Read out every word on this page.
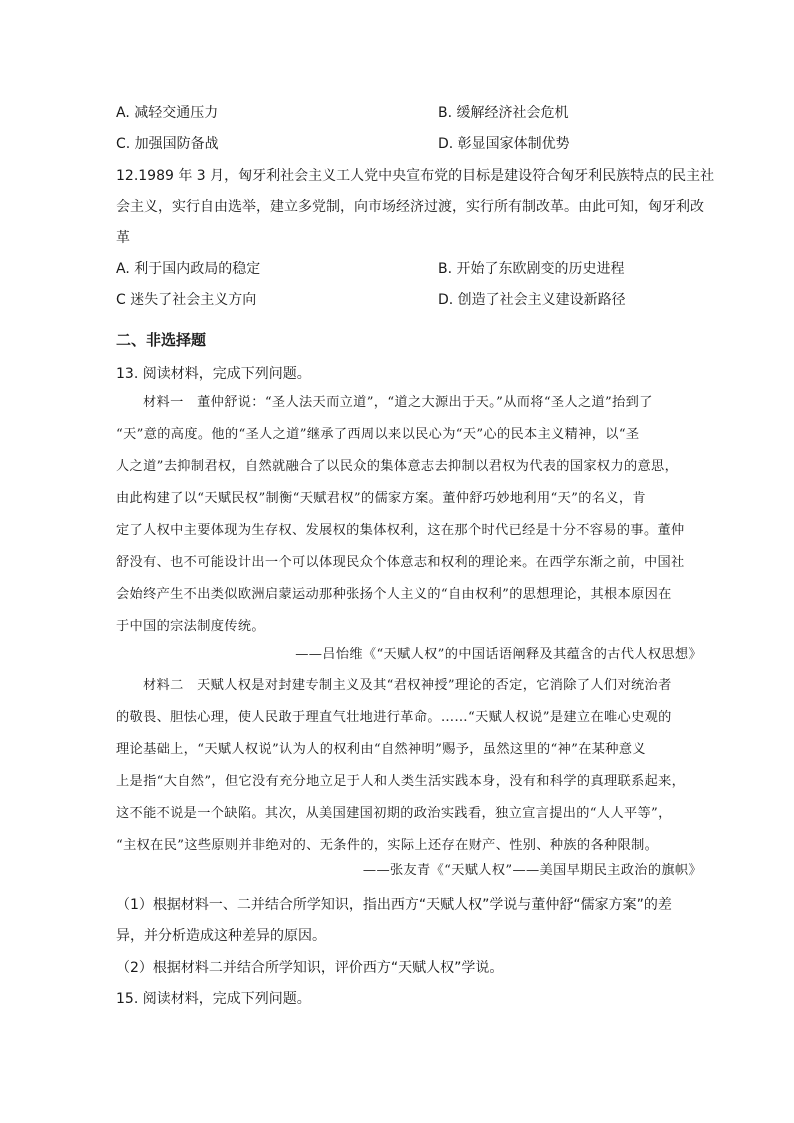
A. 减轻交通压力	B. 缓解经济社会危机
C. 加强国防备战	D. 彰显国家体制优势
12.1989 年 3 月，匈牙利社会主义工人党中央宣布党的目标是建设符合匈牙利民族特点的民主社
会主义，实行自由选举，建立多党制，向市场经济过渡，实行所有制改革。由此可知，匈牙利改
革
A. 利于国内政局的稳定	B. 开始了东欧剧变的历史进程
C 迷失了社会主义方向	D. 创造了社会主义建设新路径
二、非选择题
13. 阅读材料，完成下列问题。
材料一　董仲舒说：“圣人法天而立道”，“道之大源出于天。”从而将“圣人之道”抬到了
“天”意的高度。他的“圣人之道”继承了西周以来以民心为“天”心的民本主义精神，以“圣
人之道”去抑制君权，自然就融合了以民众的集体意志去抑制以君权为代表的国家权力的意思，
由此构建了以“天赋民权”制衡“天赋君权”的儒家方案。董仲舒巧妙地利用“天”的名义，肯
定了人权中主要体现为生存权、发展权的集体权利，这在那个时代已经是十分不容易的事。董仲
舒没有、也不可能设计出一个可以体现民众个体意志和权利的理论来。在西学东渐之前，中国社
会始终产生不出类似欧洲启蒙运动那种张扬个人主义的“自由权利”的思想理论，其根本原因在
于中国的宗法制度传统。
——吕怡维《“天赋人权”的中国话语阐释及其蕴含的古代人权思想》
材料二　天赋人权是对封建专制主义及其“君权神授”理论的否定，它消除了人们对统治者
的敬畏、胆怯心理，使人民敢于理直气壮地进行革命。……“天赋人权说”是建立在唯心史观的
理论基础上，“天赋人权说”认为人的权利由“自然神明”赐予，虽然这里的“神”在某种意义
上是指“大自然”，但它没有充分地立足于人和人类生活实践本身，没有和科学的真理联系起来，
这不能不说是一个缺陷。其次，从美国建国初期的政治实践看，独立宣言提出的“人人平等”，
“主权在民”这些原则并非绝对的、无条件的，实际上还存在财产、性别、种族的各种限制。
——张友青《“天赋人权”——美国早期民主政治的旗帜》
（1）根据材料一、二并结合所学知识，指出西方“天赋人权”学说与董仲舒“儒家方案”的差
异，并分析造成这种差异的原因。
（2）根据材料二并结合所学知识，评价西方“天赋人权”学说。
15. 阅读材料，完成下列问题。
